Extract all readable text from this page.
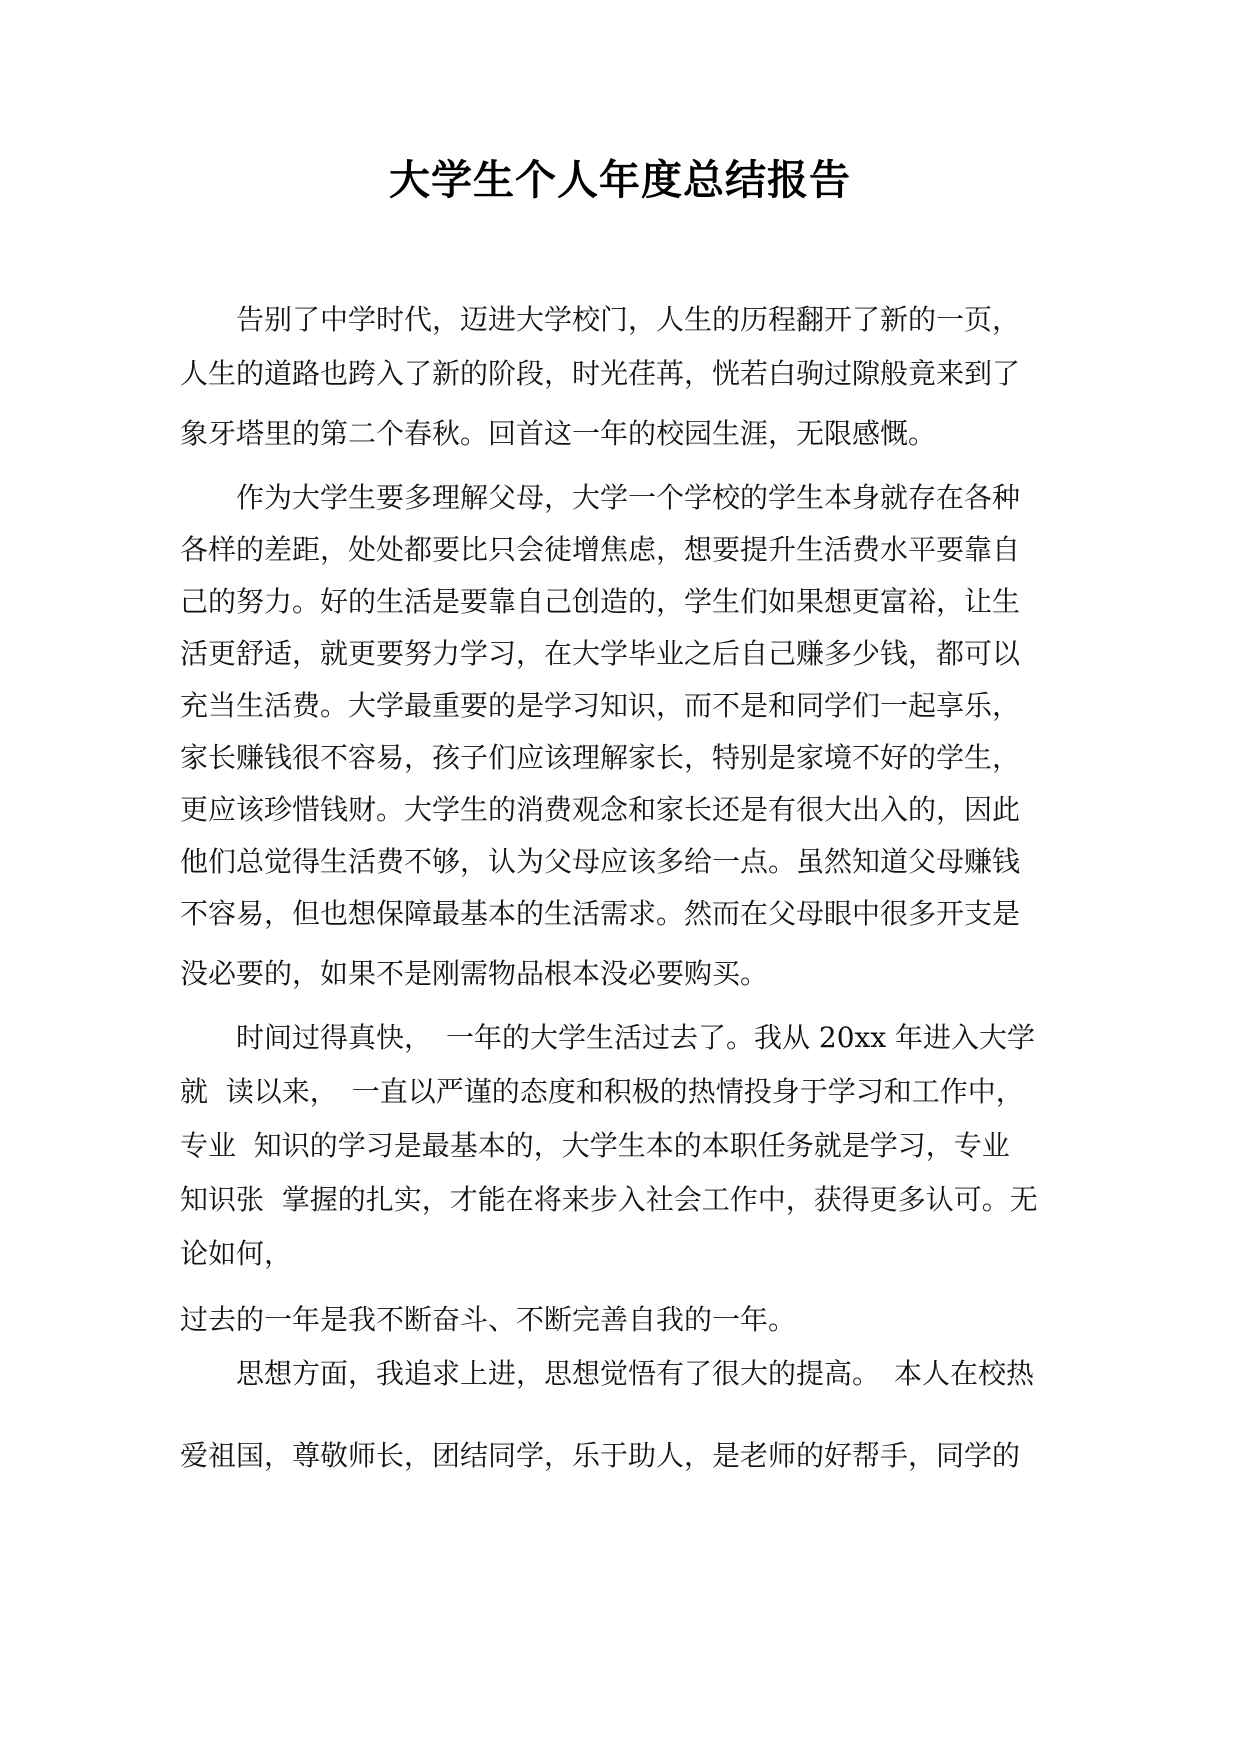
大学生个人年度总结报告
　　告别了中学时代，迈进大学校门，人生的历程翻开了新的一页，
人生的道路也跨入了新的阶段，时光荏苒，恍若白驹过隙般竟来到了
象牙塔里的第二个春秋。回首这一年的校园生涯，无限感慨。
　　作为大学生要多理解父母，大学一个学校的学生本身就存在各种
各样的差距，处处都要比只会徒增焦虑，想要提升生活费水平要靠自
己的努力。好的生活是要靠自己创造的，学生们如果想更富裕，让生
活更舒适，就更要努力学习，在大学毕业之后自己赚多少钱，都可以
充当生活费。大学最重要的是学习知识，而不是和同学们一起享乐，
家长赚钱很不容易，孩子们应该理解家长，特别是家境不好的学生，
更应该珍惜钱财。大学生的消费观念和家长还是有很大出入的，因此
他们总觉得生活费不够，认为父母应该多给一点。虽然知道父母赚钱
不容易，但也想保障最基本的生活需求。然而在父母眼中很多开支是
没必要的，如果不是刚需物品根本没必要购买。
　　时间过得真快，　一年的大学生活过去了。我从 20xx 年进入大学
就  读以来，　一直以严谨的态度和积极的热情投身于学习和工作中，
专业  知识的学习是最基本的，大学生本的本职任务就是学习，专业
知识张  掌握的扎实，才能在将来步入社会工作中，获得更多认可。无
论如何，
过去的一年是我不断奋斗、不断完善自我的一年。
　　思想方面，我追求上进，思想觉悟有了很大的提高。　本人在校热
爱祖国，尊敬师长，团结同学，乐于助人，是老师的好帮手，同学的
